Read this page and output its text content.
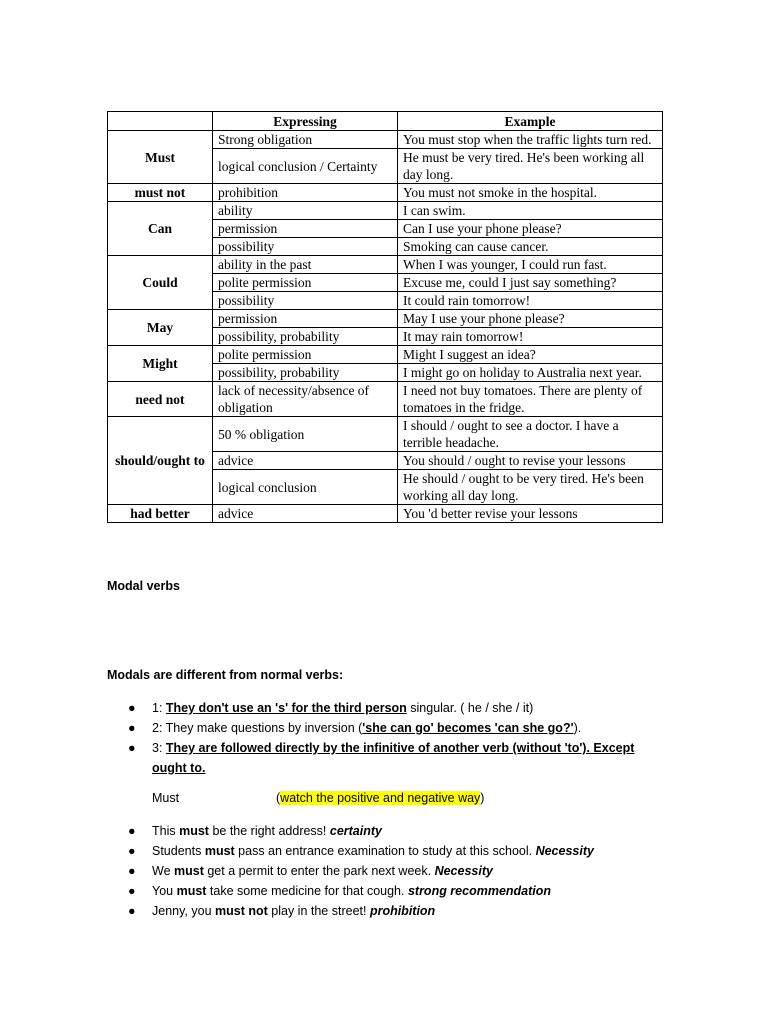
	Expressing	Example
Must	Strong obligation	You must stop when the traffic lights turn red.
	logical conclusion / Certainty	He must be very tired. He's been working all day long.
must not	prohibition	You must not smoke in the hospital.
Can	ability	I can swim.
	permission	Can I use your phone please?
	possibility	Smoking can cause cancer.
Could	ability in the past	When I was younger, I could run fast.
	polite permission	Excuse me, could I just say something?
	possibility	It could rain tomorrow!
May	permission	May I use your phone please?
	possibility, probability	It may rain tomorrow!
Might	polite permission	Might I suggest an idea?
	possibility, probability	I might go on holiday to Australia next year.
need not	lack of necessity/absence of obligation	I need not buy tomatoes. There are plenty of tomatoes in the fridge.
should/ought to	50 % obligation	I should / ought to see a doctor. I have a terrible headache.
	advice	You should / ought to revise your lessons
	logical conclusion	He should / ought to be very tired. He's been working all day long.
had better	advice	You 'd better revise your lessons
Modal verbs
Modals are different from normal verbs:
● 1: They don't use an 's' for the third person singular. ( he / she / it)
● 2: They make questions by inversion ('she can go' becomes 'can she go?').
● 3: They are followed directly by the infinitive of another verb (without 'to'). Except ought to.
Must	(watch the positive and negative way)
● This must be the right address! certainty
● Students must pass an entrance examination to study at this school. Necessity
● We must get a permit to enter the park next week. Necessity
● You must take some medicine for that cough. strong recommendation
● Jenny, you must not play in the street! prohibition
